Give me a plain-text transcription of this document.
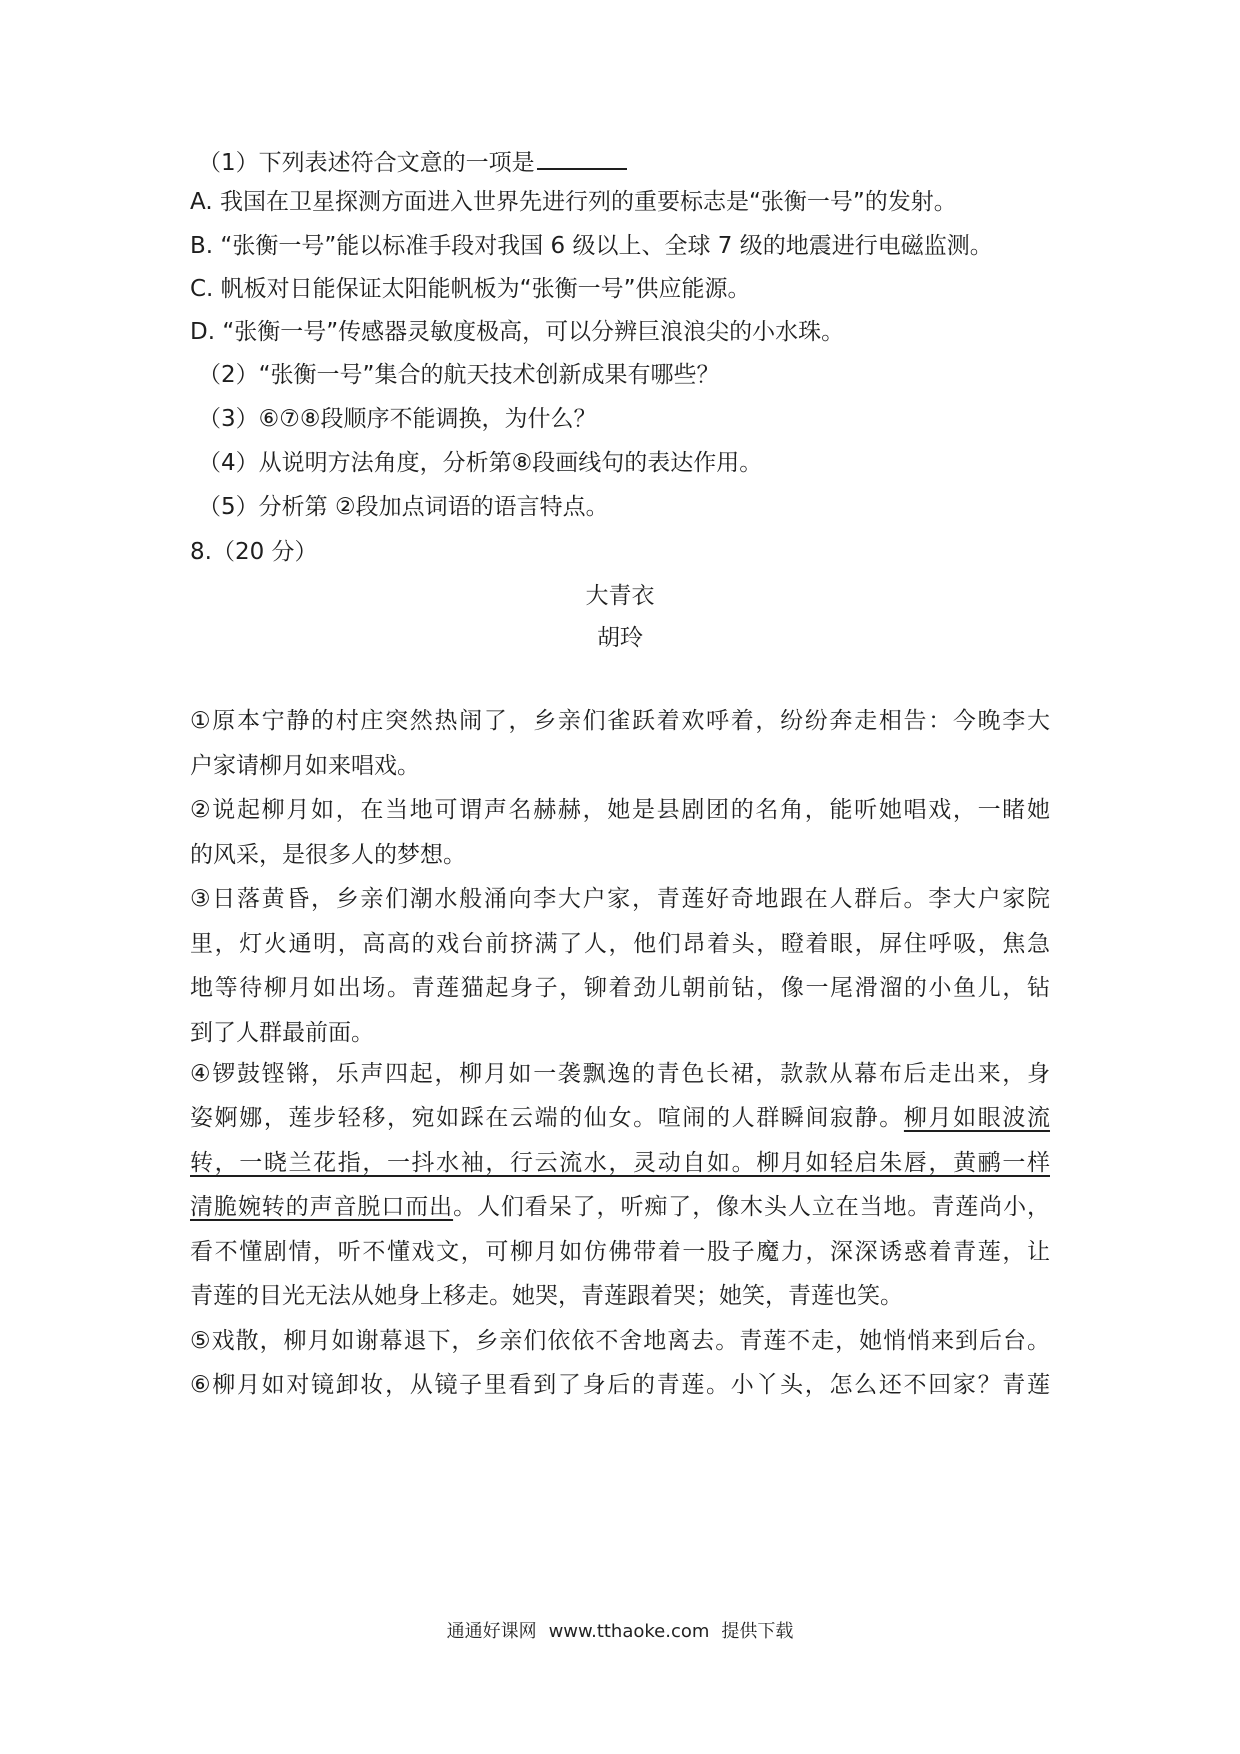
（1）下列表述符合文意的一项是
A. 我国在卫星探测方面进入世界先进行列的重要标志是“张衡一号”的发射。
B. “张衡一号”能以标准手段对我国 6 级以上、全球 7 级的地震进行电磁监测。
C. 帆板对日能保证太阳能帆板为“张衡一号”供应能源。
D. “张衡一号”传感器灵敏度极高，可以分辨巨浪浪尖的小水珠。
（2）“张衡一号”集合的航天技术创新成果有哪些？
（3）⑥⑦⑧段顺序不能调换，为什么？
（4）从说明方法角度，分析第⑧段画线句的表达作用。
（5）分析第 ②段加点词语的语言特点。
8.（20 分）
大青衣
胡玲
①原本宁静的村庄突然热闹了，乡亲们雀跃着欢呼着，纷纷奔走相告：今晚李大
户家请柳月如来唱戏。
②说起柳月如，在当地可谓声名赫赫，她是县剧团的名角，能听她唱戏，一睹她
的风采，是很多人的梦想。
③日落黄昏，乡亲们潮水般涌向李大户家，青莲好奇地跟在人群后。李大户家院
里，灯火通明，高高的戏台前挤满了人，他们昂着头，瞪着眼，屏住呼吸，焦急
地等待柳月如出场。青莲猫起身子，铆着劲儿朝前钻，像一尾滑溜的小鱼儿，钻
到了人群最前面。
④锣鼓铿锵，乐声四起，柳月如一袭飘逸的青色长裙，款款从幕布后走出来，身
姿婀娜，莲步轻移，宛如踩在云端的仙女。喧闹的人群瞬间寂静。柳月如眼波流
转，一晓兰花指，一抖水袖，行云流水，灵动自如。柳月如轻启朱唇，黄鹂一样
清脆婉转的声音脱口而出。人们看呆了，听痴了，像木头人立在当地。青莲尚小，
看不懂剧情，听不懂戏文，可柳月如仿佛带着一股子魔力，深深诱惑着青莲，让
青莲的目光无法从她身上移走。她哭，青莲跟着哭；她笑，青莲也笑。
⑤戏散，柳月如谢幕退下，乡亲们依依不舍地离去。青莲不走，她悄悄来到后台。
⑥柳月如对镜卸妆，从镜子里看到了身后的青莲。小丫头，怎么还不回家？青莲
通通好课网 www.tthaoke.com 提供下载
